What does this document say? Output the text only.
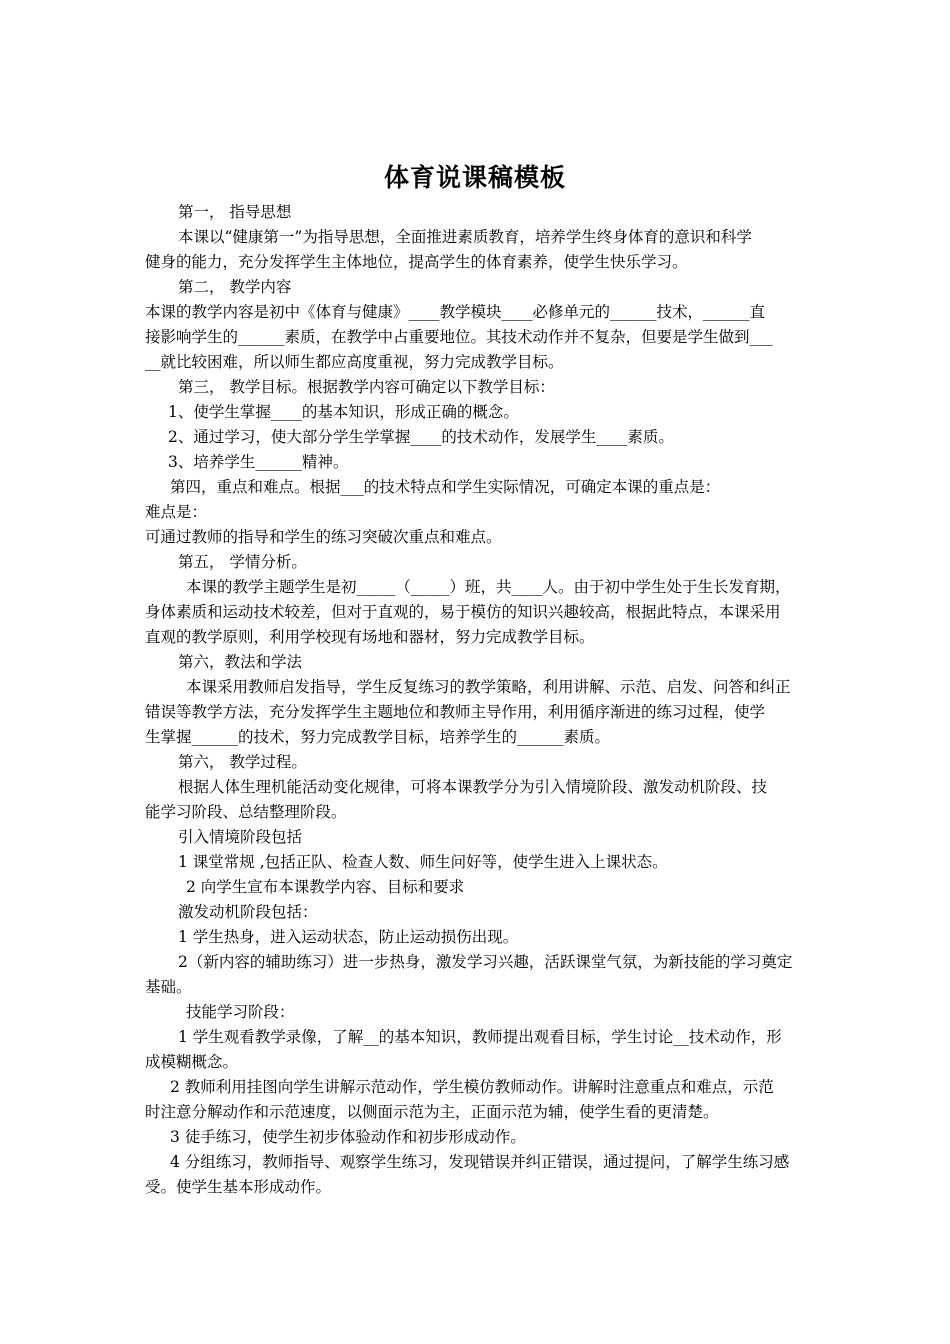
体育说课稿模板
第一， 指导思想
本课以“健康第一”为指导思想，全面推进素质教育，培养学生终身体育的意识和科学
健身的能力，充分发挥学生主体地位，提高学生的体育素养，使学生快乐学习。
第二， 教学内容
本课的教学内容是初中《体育与健康》____教学模块____必修单元的______技术，______直
接影响学生的______素质，在教学中占重要地位。其技术动作并不复杂，但要是学生做到___
__就比较困难，所以师生都应高度重视，努力完成教学目标。
第三， 教学目标。根据教学内容可确定以下教学目标：
1、使学生掌握____的基本知识，形成正确的概念。
2、通过学习，使大部分学生学掌握____的技术动作，发展学生____素质。
3、培养学生______精神。
第四，重点和难点。根据___的技术特点和学生实际情况，可确定本课的重点是：
难点是：
可通过教师的指导和学生的练习突破次重点和难点。
第五， 学情分析。
本课的教学主题学生是初_____（_____）班，共____人。由于初中学生处于生长发育期，
身体素质和运动技术较差，但对于直观的，易于模仿的知识兴趣较高，根据此特点，本课采用
直观的教学原则，利用学校现有场地和器材，努力完成教学目标。
第六，教法和学法
本课采用教师启发指导，学生反复练习的教学策略，利用讲解、示范、启发、问答和纠正
错误等教学方法，充分发挥学生主题地位和教师主导作用，利用循序渐进的练习过程，使学
生掌握______的技术，努力完成教学目标，培养学生的______素质。
第六， 教学过程。
根据人体生理机能活动变化规律，可将本课教学分为引入情境阶段、激发动机阶段、技
能学习阶段、总结整理阶段。
引入情境阶段包括
1 课堂常规 ,包括正队、检查人数、师生问好等，使学生进入上课状态。
2 向学生宣布本课教学内容、目标和要求
激发动机阶段包括：
1 学生热身，进入运动状态，防止运动损伤出现。
2（新内容的辅助练习）进一步热身，激发学习兴趣，活跃课堂气氛，为新技能的学习奠定
基础。
技能学习阶段：
1 学生观看教学录像，了解__的基本知识，教师提出观看目标，学生讨论__技术动作，形
成模糊概念。
2 教师利用挂图向学生讲解示范动作，学生模仿教师动作。讲解时注意重点和难点，示范
时注意分解动作和示范速度，以侧面示范为主，正面示范为辅，使学生看的更清楚。
3 徒手练习，使学生初步体验动作和初步形成动作。
4 分组练习，教师指导、观察学生练习，发现错误并纠正错误，通过提问，了解学生练习感
受。使学生基本形成动作。
